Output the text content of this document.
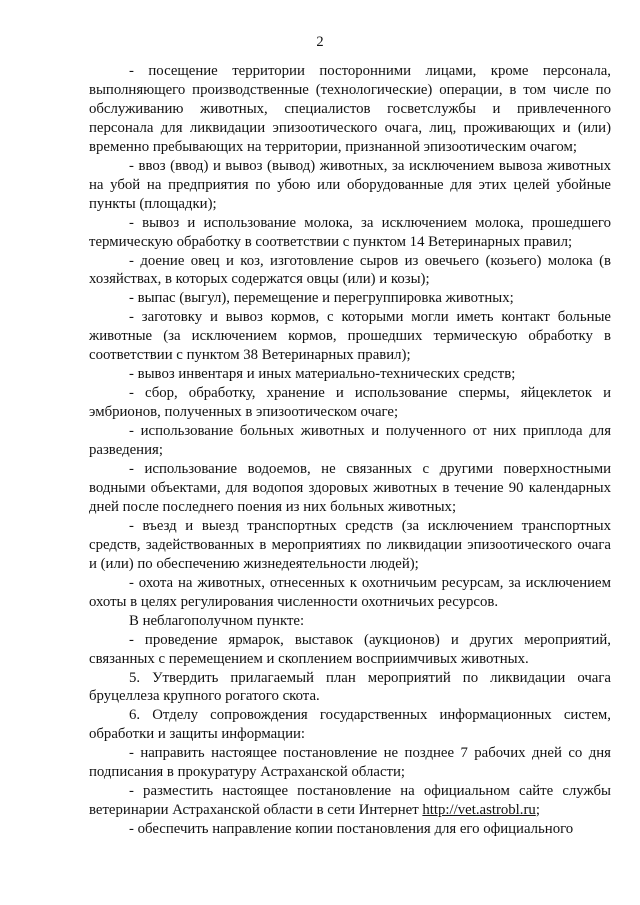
2

- посещение территории посторонними лицами, кроме персонала, выполняющего производственные (технологические) операции, в том числе по обслуживанию животных, специалистов госветслужбы и привлеченного персонала для ликвидации эпизоотического очага, лиц, проживающих и (или) временно пребывающих на территории, признанной эпизоотическим очагом;

- ввоз (ввод) и вывоз (вывод) животных, за исключением вывоза животных на убой на предприятия по убою или оборудованные для этих целей убойные пункты (площадки);

- вывоз и использование молока, за исключением молока, прошедшего термическую обработку в соответствии с пунктом 14 Ветеринарных правил;

- доение овец и коз, изготовление сыров из овечьего (козьего) молока (в хозяйствах, в которых содержатся овцы (или) и козы);

- выпас (выгул), перемещение и перегруппировка животных;

- заготовку и вывоз кормов, с которыми могли иметь контакт больные животные (за исключением кормов, прошедших термическую обработку в соответствии с пунктом 38 Ветеринарных правил);

- вывоз инвентаря и иных материально-технических средств;

- сбор, обработку, хранение и использование спермы, яйцеклеток и эмбрионов, полученных в эпизоотическом очаге;

- использование больных животных и полученного от них приплода для разведения;

- использование водоемов, не связанных с другими поверхностными водными объектами, для водопоя здоровых животных в течение 90 календарных дней после последнего поения из них больных животных;

- въезд и выезд транспортных средств (за исключением транспортных средств, задействованных в мероприятиях по ликвидации эпизоотического очага и (или) по обеспечению жизнедеятельности людей);

- охота на животных, отнесенных к охотничьим ресурсам, за исключением охоты в целях регулирования численности охотничьих ресурсов.

В неблагополучном пункте:

- проведение ярмарок, выставок (аукционов) и других мероприятий, связанных с перемещением и скоплением восприимчивых животных.

5. Утвердить прилагаемый план мероприятий по ликвидации очага бруцеллеза крупного рогатого скота.

6. Отделу сопровождения государственных информационных систем, обработки и защиты информации:

- направить настоящее постановление не позднее 7 рабочих дней со дня подписания в прокуратуру Астраханской области;

- разместить настоящее постановление на официальном сайте службы ветеринарии Астраханской области в сети Интернет http://vet.astrobl.ru;

- обеспечить направление копии постановления для его официального
